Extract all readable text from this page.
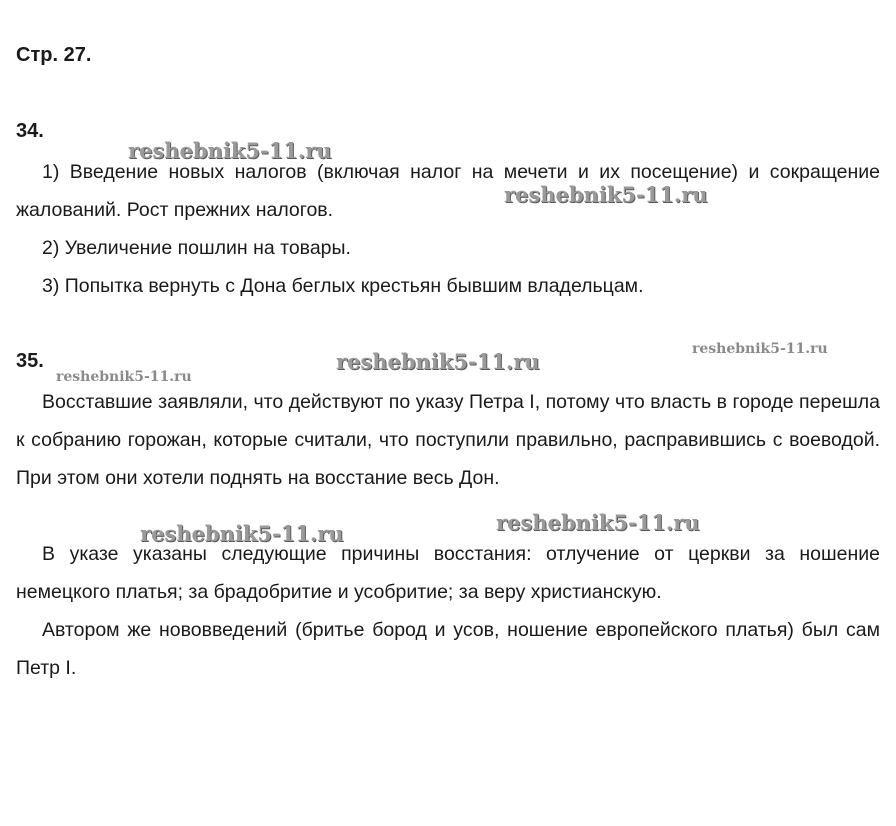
Стр. 27.
34.

1) Введение новых налогов (включая налог на мечети и их посещение) и сокращение жалований. Рост прежних налогов.

2) Увеличение пошлин на товары.

3) Попытка вернуть с Дона беглых крестьян бывшим владельцам.

35.

Восставшие заявляли, что действуют по указу Петра I, потому что власть в городе перешла к собранию горожан, которые считали, что поступили правильно, расправившись с воеводой. При этом они хотели поднять на восстание весь Дон.

В указе указаны следующие причины восстания: отлучение от церкви за ношение немецкого платья; за брадобритие и усобритие; за веру христианскую.

Автором же нововведений (бритье бород и усов, ношение европейского платья) был сам Петр I.

reshebnik5-11.ru
reshebnik5-11.ru
reshebnik5-11.ru	reshebnik5-11.ru
reshebnik5-11.ru
reshebnik5-11.ru	reshebnik5-11.ru
